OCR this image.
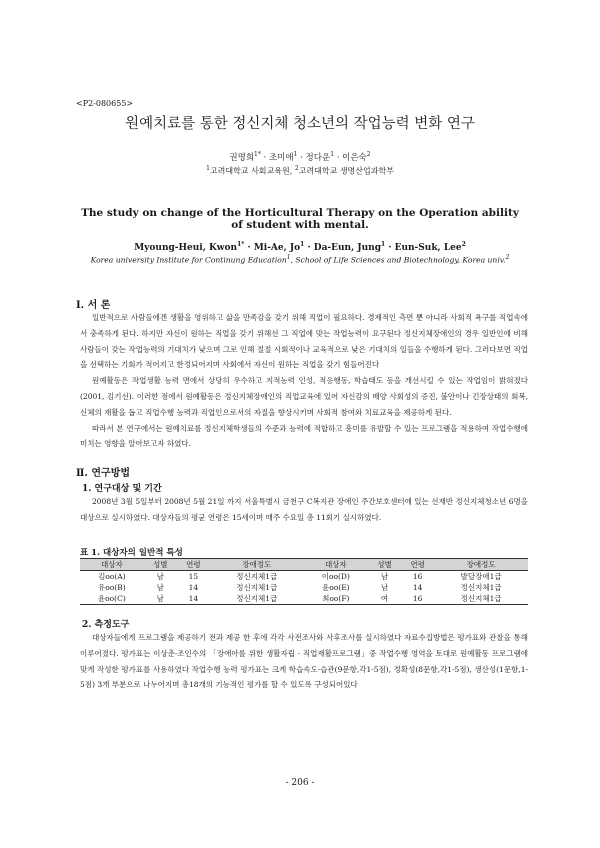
<P2-080655>
원예치료를 통한 정신지체 청소년의 작업능력 변화 연구
권명희$^{1*}$ · 조미애$^1$ · 정다운$^1$ · 이은숙$^2$
$^1$고려대학교 사회교육원, $^2$고려대학교 생명산업과학부
The study on change of the Horticultural Therapy on the Operation ability of student with mental.
Myoung-Heui, Kwon$^{1*}$ · Mi-Ae, $Jo^1 \cdot Da-Eun$, Jung$^1$ · Eun-Suk, Lee$^2$
Korea university Institute for Continung Education$^1$, School of Life Sciences and Biotechnology, Korea univ.$^2$
Ⅰ. 서 론

일반적으로 사람들에겐 생활을 영위하고 삶을 만족감을 갖기 위해 직업이 필요하다. 경제적인 측면 뿐 아니라 사회적 욕구를 직업속에서 충족하게 된다. 하지만 자신이 원하는 직업을 갖기 위해선 그 직업에 맞는 작업능력이 요구된다 정신지체장애인의 경우 일반인에 비해 사람들이 갖는 작업능력의 기대치가 낮으며 그로 인해 절절 시회적이나 교육적으로 낮은 기대치의 일들을 수행하게 된다. 그러다보면 직업을 선택하는 기회가 적어지고 한정되어지며 사회에서 자신이 원하는 직업을 갖기 힘들어진다

원예활동은 작업생활 능력 면에서 상당히 우수하고 지적능력 인성, 적응행동, 학습태도 등을 개선시킬 수 있는 작업임이 밝혀졌다(2001, 김기선). 이러한 점에서 원예활동은 정신지체장애인의 직업교육에 있어 자신감의 배양 사회성의 증진, 불안이나 긴장상태의 회복, 신체의 재활을 돕고 직업수행 능력과 직업인으로서의 자질을 향상시키며 사회적 참여와 치료교육을 제공하게 된다.

따라서 본 연구에서는 원예치료를 정신지체학생들의 수준과 능력에 적합하고 흥미를 유발할 수 있는 프로그램을 적용하여 작업수행에 미치는 영향을 알아보고자 하였다.

Ⅱ. 연구방법
1. 연구대상 및 기간

2008년 3월 5일부터 2008년 5월 21일 까지 서울특별시 금천구 C복지관 장애인 주간보호센터에 있는 선재반 정신지체청소년 6명을 대상으로 실시하였다. 대상자들의 평균 연령은 15세이며 매주 수요일 총 11회기 실시하였다.

표 1. 대상자의 일반적 특성
대상자	성별	연령	장애정도	대상자	성별	연령	장애정도
김oo(A)	남	15	정신지체1급	이oo(D)	남	16	발달장애1급
유oo(B)	남	14	정신지체1급	윤oo(E)	남	14	정신지체1급
윤oo(C)	남	14	정신지체1급	최oo(F)	여	16	정신지체1급
2. 측정도구

대상자들에게 프로그램을 제공하기 전과 제공 한 후에 각각 사전조사와 사후조사를 실시하였다 자료수집방법은 평가표와 관찰을 통해 이루어졌다. 평가표는 이상춘·조인수의 「장애아를 위한 생활자립 · 직업재활프로그램」중 작업수행 영역을 토대로 원예활동 프로그램에 맞게 작성한 평가표를 사용하였다 작업수행 능력 평가표는 크게 학습속도·습관(9문항,각1-5점), 정확성(8문항,각1-5점), 생산성(1문항,1-5점) 3개 부분으로 나누어지며 총18개의 기능적인 평가를 할 수 있도록 구성되어있다

- 206 -
